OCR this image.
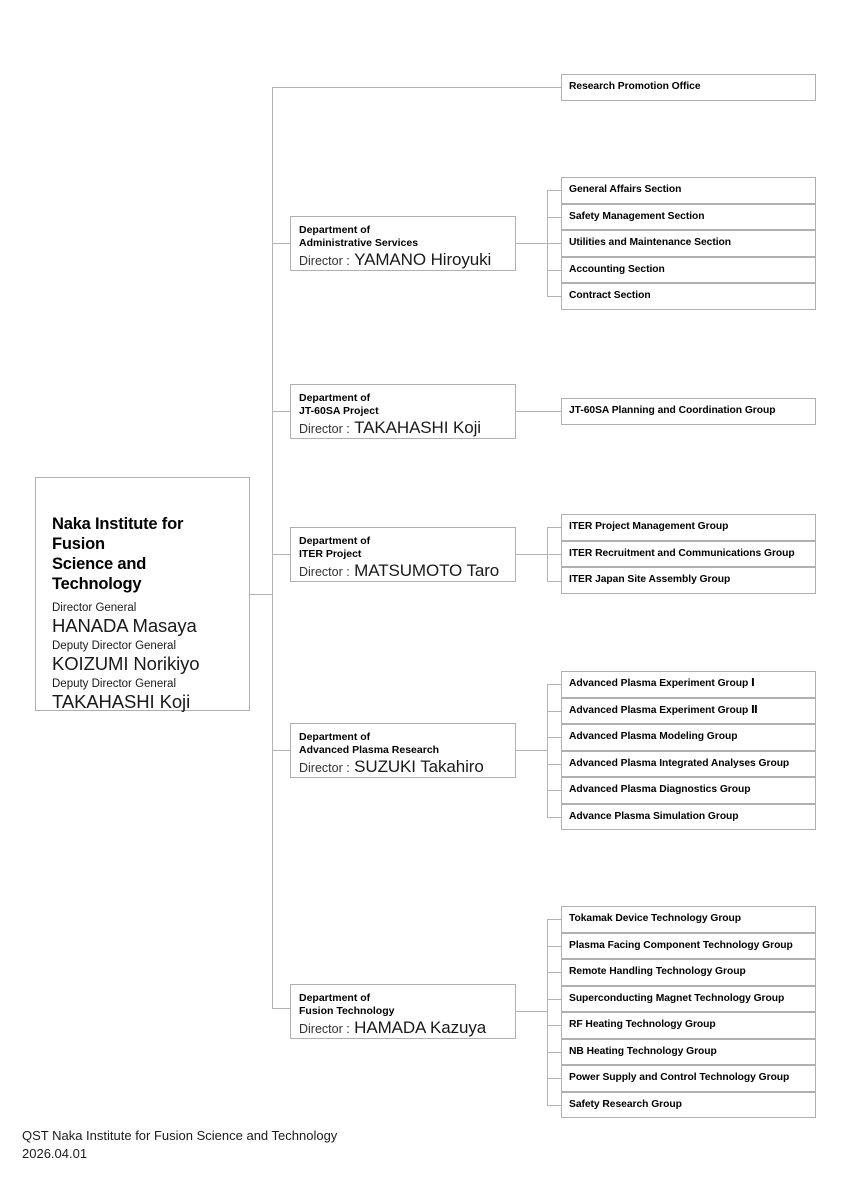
Naka Institute for Fusion
Science and Technology
Director General
HANADA Masaya
Deputy Director General
KOIZUMI Norikiyo
Deputy Director General
TAKAHASHI Koji
Research Promotion Office
Department of
Administrative Services
Director : YAMANO Hiroyuki
General Affairs Section
Safety Management Section
Utilities and Maintenance Section
Accounting Section
Contract Section
Department of
JT-60SA Project
Director : TAKAHASHI Koji
JT-60SA Planning and Coordination Group
Department of
ITER Project
Director : MATSUMOTO Taro
ITER Project Management Group
ITER Recruitment and Communications Group
ITER Japan Site Assembly Group
Department of
Advanced Plasma Research
Director : SUZUKI Takahiro
Advanced Plasma Experiment Group Ⅰ
Advanced Plasma Experiment Group Ⅱ
Advanced Plasma Modeling Group
Advanced Plasma Integrated Analyses Group
Advanced Plasma Diagnostics Group
Advance Plasma Simulation Group
Department of
Fusion Technology
Director : HAMADA Kazuya
Tokamak Device Technology Group
Plasma Facing Component Technology Group
Remote Handling Technology Group
Superconducting Magnet Technology Group
RF Heating Technology Group
NB Heating Technology Group
Power Supply and Control Technology Group
Safety Research Group
QST Naka Institute for Fusion Science and Technology
2026.04.01
